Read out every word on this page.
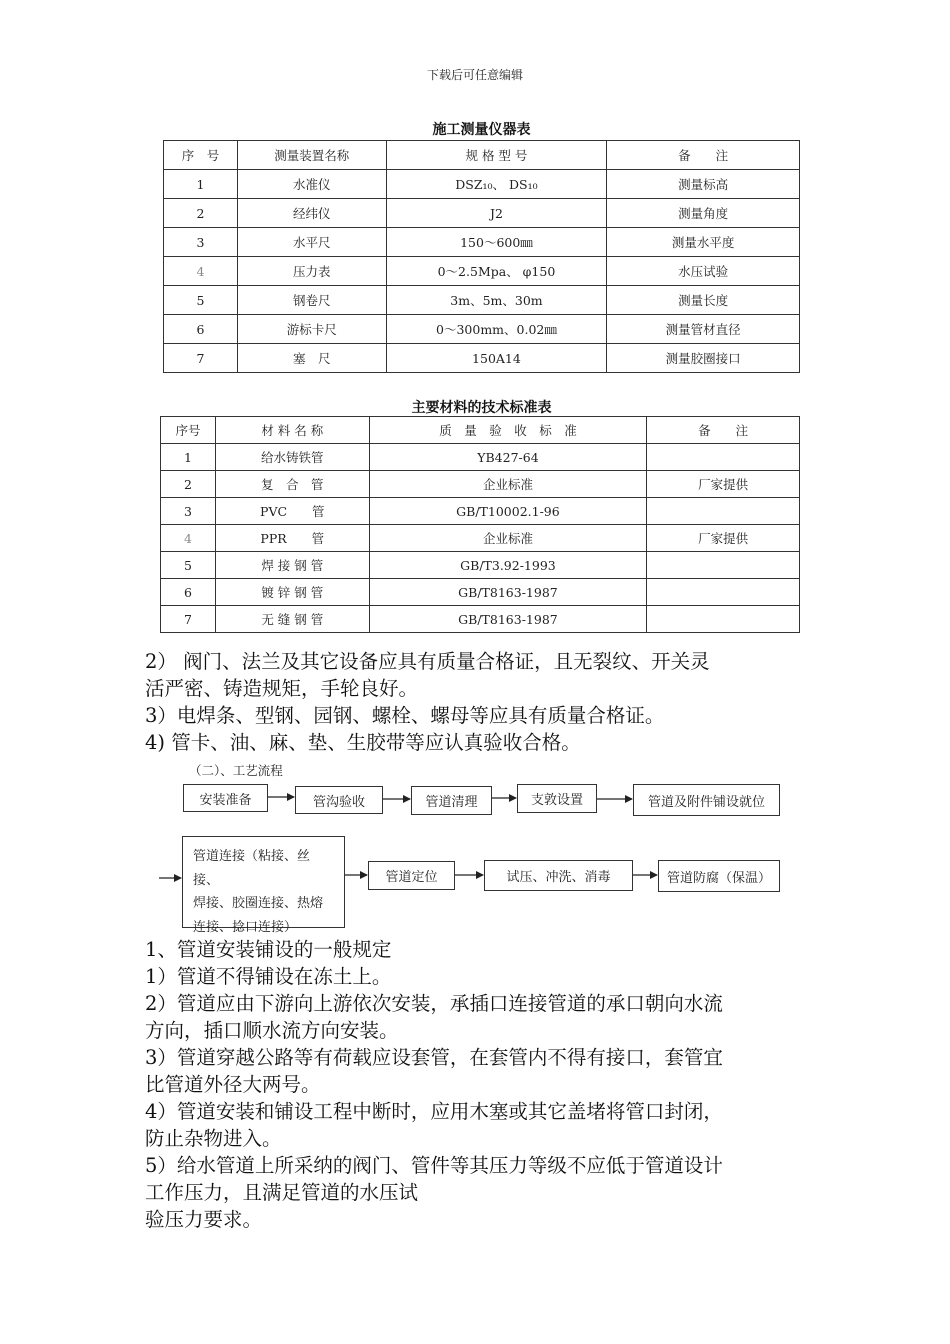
下载后可任意编辑
施工测量仪器表
序　号	测量装置名称	规 格 型 号	备　　注
1	水准仪	DSZ₁₀、 DS₁₀	测量标高
2	经纬仪	J2	测量角度
3	水平尺	150～600㎜	测量水平度
4	压力表	0～2.5Mpa、 φ150	水压试验
5	钢卷尺	3m、5m、30m	测量长度
6	游标卡尺	0～300mm、0.02㎜	测量管材直径
7	塞　尺	150A14	测量胶圈接口
主要材料的技术标准表
序号	材 料 名 称	质　量　验　收　标　准	备　　注
1	给水铸铁管	YB427-64	
2	复　合　管	企业标准	厂家提供
3	PVC　　管	GB/T10002.1-96	
4	PPR　　管	企业标准	厂家提供
5	焊 接 钢 管	GB/T3.92-1993	
6	镀 锌 钢 管	GB/T8163-1987	
7	无 缝 钢 管	GB/T8163-1987	
2） 阀门、法兰及其它设备应具有质量合格证，且无裂纹、开关灵
活严密、铸造规矩，手轮良好。
3）电焊条、型钢、园钢、螺栓、螺母等应具有质量合格证。
4) 管卡、油、麻、垫、生胶带等应认真验收合格。
（二）、工艺流程
安装准备	管沟验收	管道清理	支敦设置	管道及附件铺设就位
管道连接（粘接、丝接、
焊接、胶圈连接、热熔
连接、捻口连接）
管道定位	试压、冲洗、消毒	管道防腐（保温）
1、管道安装铺设的一般规定
1）管道不得铺设在冻土上。
2）管道应由下游向上游依次安装，承插口连接管道的承口朝向水流
方向，插口顺水流方向安装。
3）管道穿越公路等有荷载应设套管，在套管内不得有接口，套管宜
比管道外径大两号。
4）管道安装和铺设工程中断时，应用木塞或其它盖堵将管口封闭，
防止杂物进入。
5）给水管道上所采纳的阀门、管件等其压力等级不应低于管道设计
工作压力，且满足管道的水压试
验压力要求。
